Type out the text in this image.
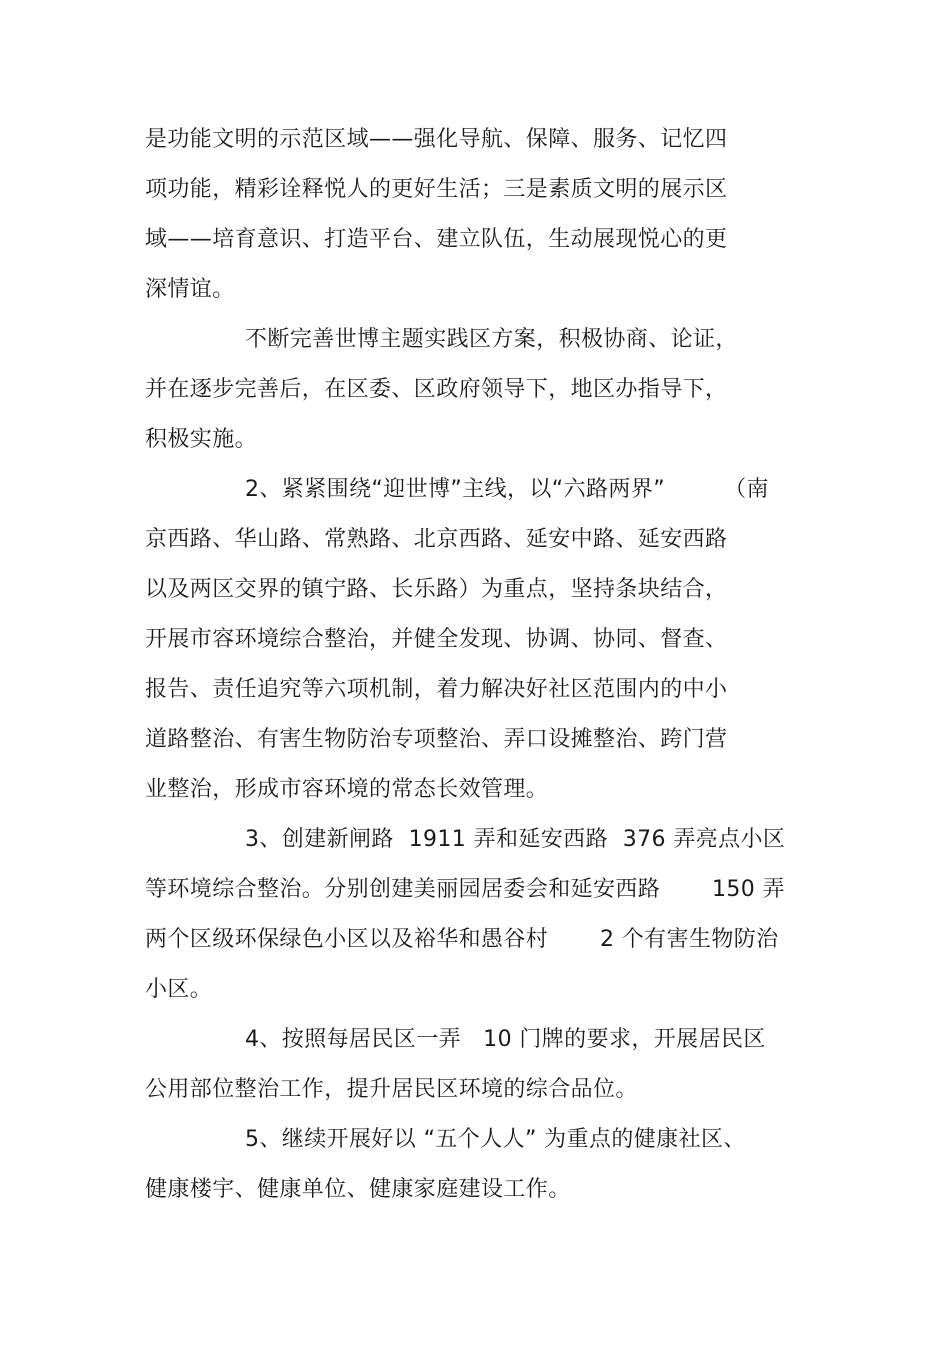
是功能文明的示范区域——强化导航、保障、服务、记忆四
项功能，精彩诠释悦人的更好生活；三是素质文明的展示区
域——培育意识、打造平台、建立队伍，生动展现悦心的更
深情谊。
不断完善世博主题实践区方案，积极协商、论证，
并在逐步完善后，在区委、区政府领导下，地区办指导下，
积极实施。
2、紧紧围绕“迎世博”主线，以“六路两界”        （南
京西路、华山路、常熟路、北京西路、延安中路、延安西路
以及两区交界的镇宁路、长乐路）为重点，坚持条块结合，
开展市容环境综合整治，并健全发现、协调、协同、督查、
报告、责任追究等六项机制，着力解决好社区范围内的中小
道路整治、有害生物防治专项整治、弄口设摊整治、跨门营
业整治，形成市容环境的常态长效管理。
3、创建新闸路  1911 弄和延安西路  376 弄亮点小区
等环境综合整治。分别创建美丽园居委会和延安西路       150 弄
两个区级环保绿色小区以及裕华和愚谷村       2 个有害生物防治
小区。
4、按照每居民区一弄   10 门牌的要求，开展居民区
公用部位整治工作，提升居民区环境的综合品位。
5、继续开展好以 “五个人人” 为重点的健康社区、
健康楼宇、健康单位、健康家庭建设工作。
